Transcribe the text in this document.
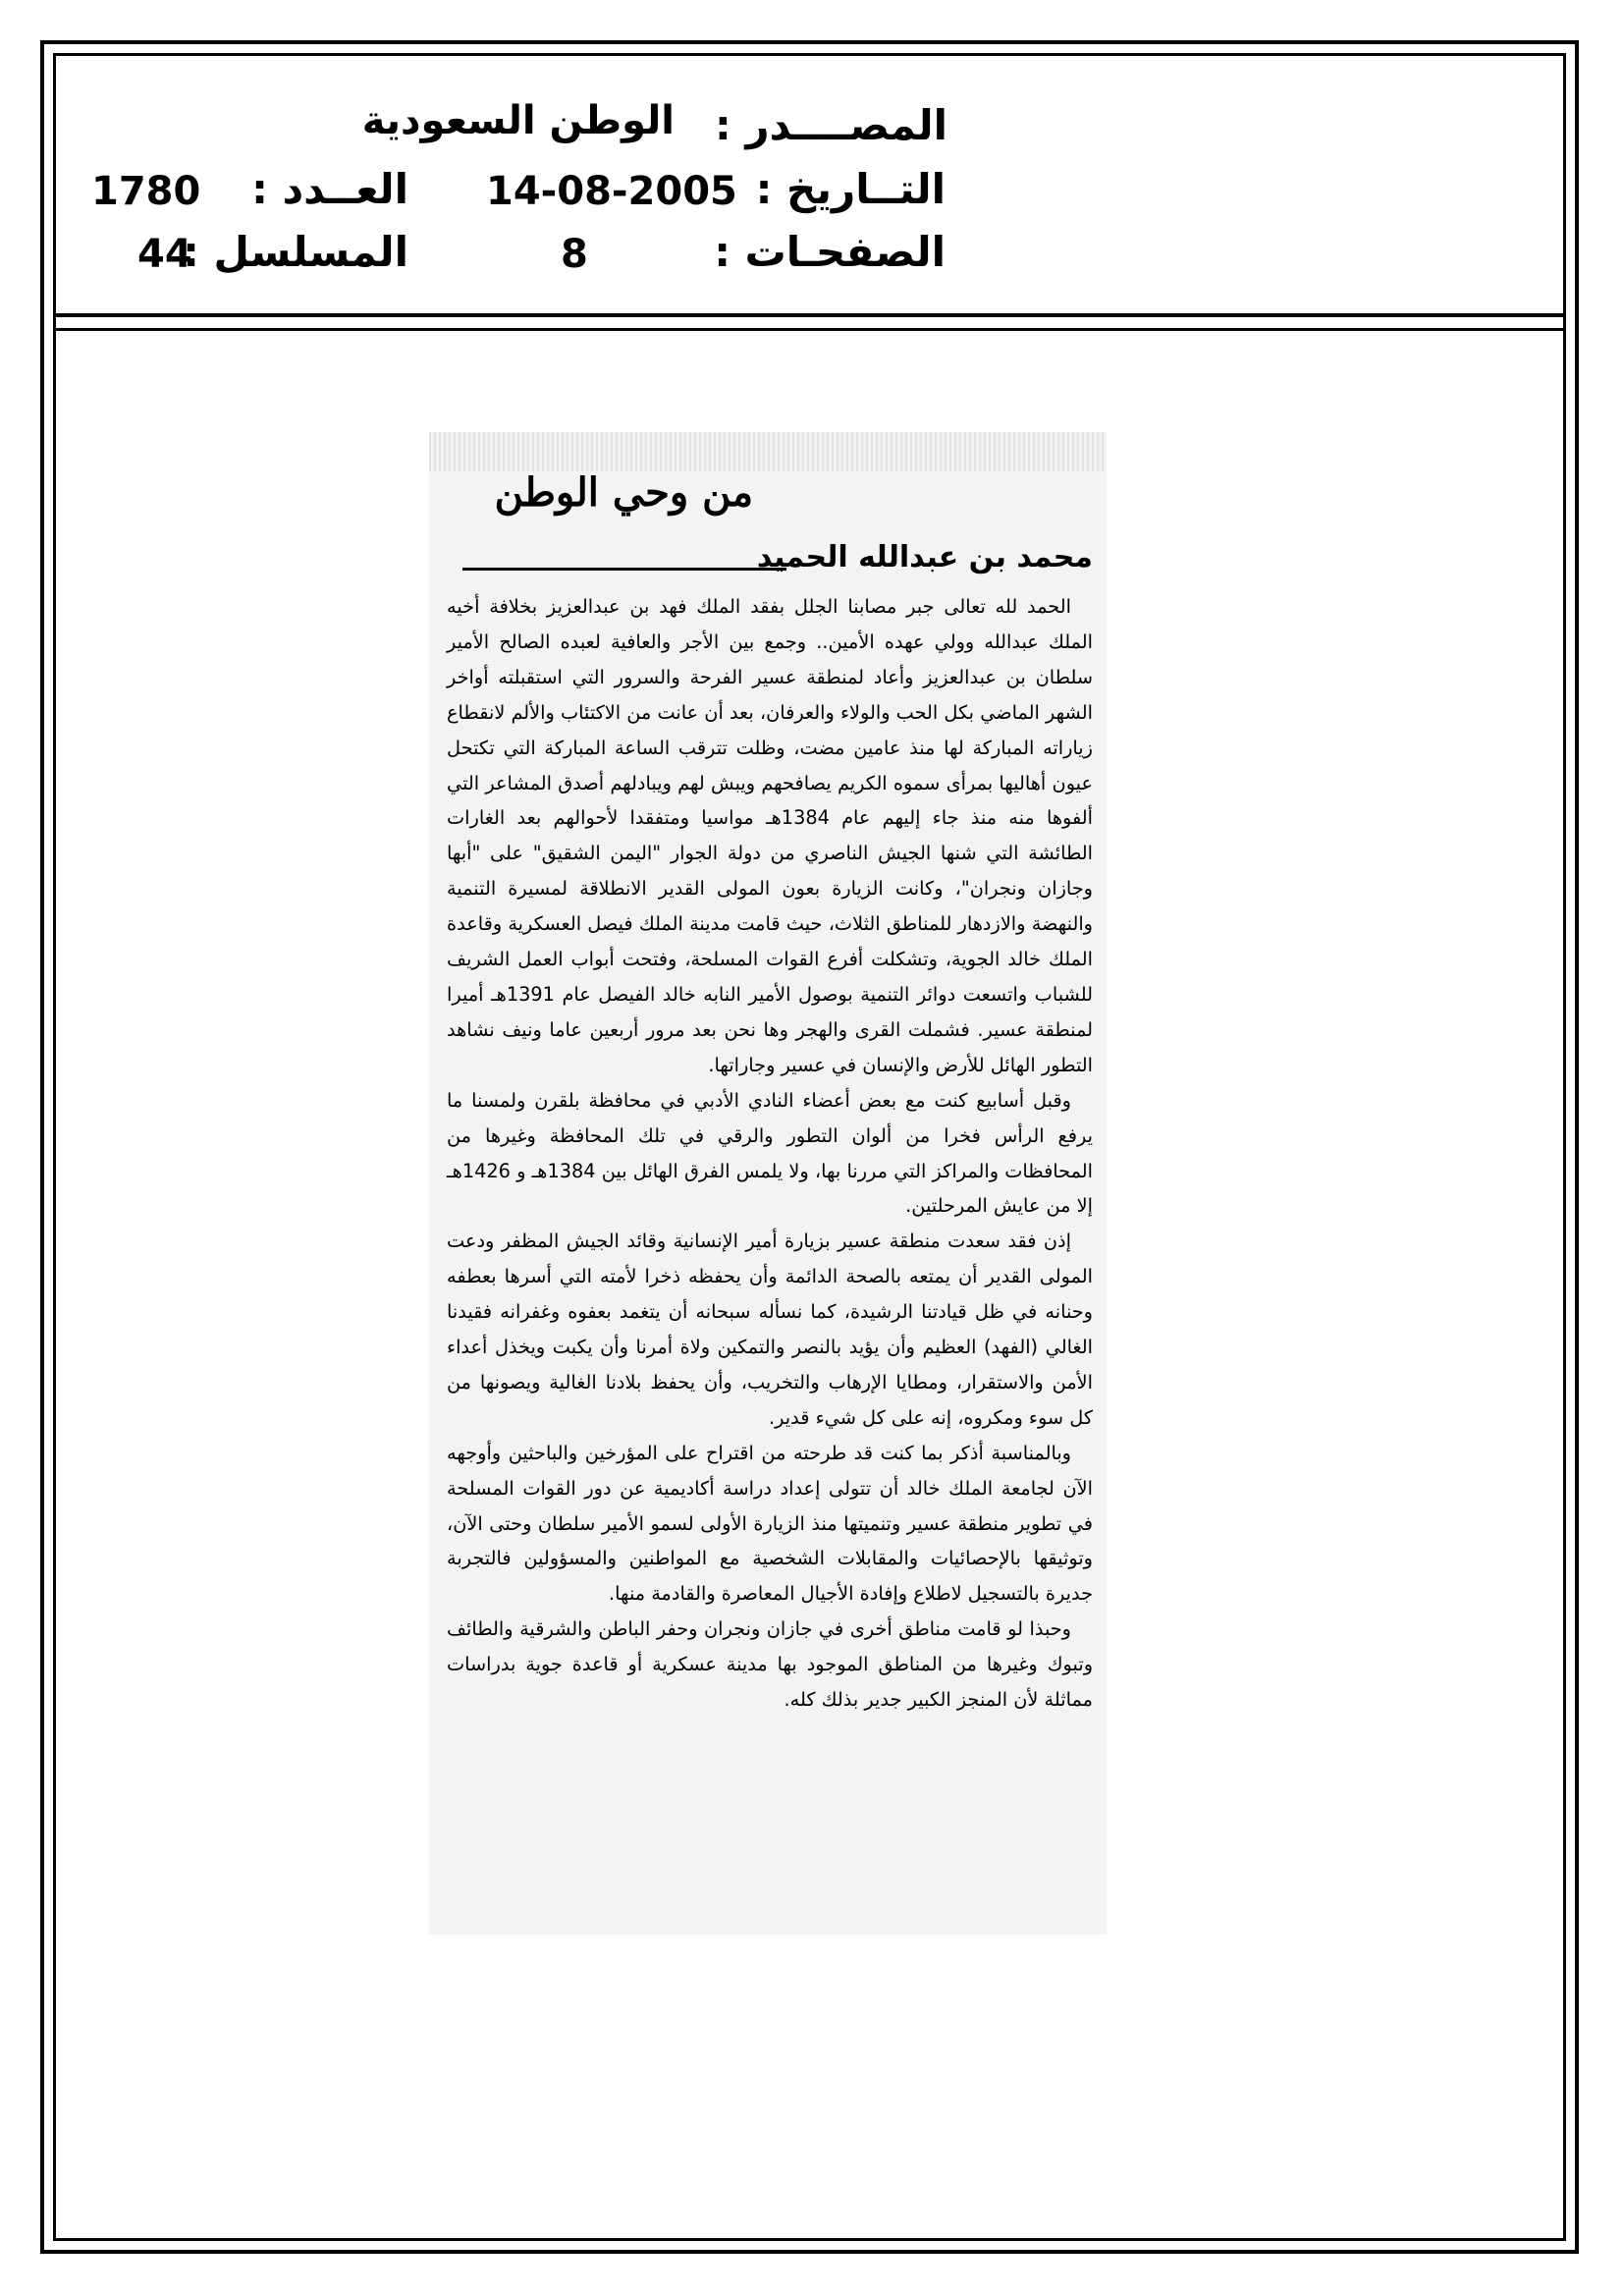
المصــــدر :
الوطن السعودية
التــاريخ :
14-08-2005
العــدد :
1780
الصفحـات :
8
المسلسل :
44
من وحي الوطن
محمد بن عبدالله الحميد

الحمد لله تعالى جبر مصابنا الجلل بفقد الملك فهد بن عبدالعزيز بخلافة أخيه الملك عبدالله وولي عهده الأمين.. وجمع بين الأجر والعافية لعبده الصالح الأمير سلطان بن عبدالعزيز وأعاد لمنطقة عسير الفرحة والسرور التي استقبلته أواخر الشهر الماضي بكل الحب والولاء والعرفان، بعد أن عانت من الاكتئاب والألم لانقطاع زياراته المباركة لها منذ عامين مضت، وظلت تترقب الساعة المباركة التي تكتحل عيون أهاليها بمرأى سموه الكريم يصافحهم ويبش لهم ويبادلهم أصدق المشاعر التي ألفوها منه منذ جاء إليهم عام 1384هـ مواسيا ومتفقدا لأحوالهم بعد الغارات الطائشة التي شنها الجيش الناصري من دولة الجوار "اليمن الشقيق" على "أبها وجازان ونجران"، وكانت الزيارة بعون المولى القدير الانطلاقة لمسيرة التنمية والنهضة والازدهار للمناطق الثلاث، حيث قامت مدينة الملك فيصل العسكرية وقاعدة الملك خالد الجوية، وتشكلت أفرع القوات المسلحة، وفتحت أبواب العمل الشريف للشباب واتسعت دوائر التنمية بوصول الأمير النابه خالد الفيصل عام 1391هـ أميرا لمنطقة عسير. فشملت القرى والهجر وها نحن بعد مرور أربعين عاما ونيف نشاهد التطور الهائل للأرض والإنسان في عسير وجاراتها.

وقبل أسابيع كنت مع بعض أعضاء النادي الأدبي في محافظة بلقرن ولمسنا ما يرفع الرأس فخرا من ألوان التطور والرقي في تلك المحافظة وغيرها من المحافظات والمراكز التي مررنا بها، ولا يلمس الفرق الهائل بين 1384هـ و 1426هـ إلا من عايش المرحلتين.

إذن فقد سعدت منطقة عسير بزيارة أمير الإنسانية وقائد الجيش المظفر ودعت المولى القدير أن يمتعه بالصحة الدائمة وأن يحفظه ذخرا لأمته التي أسرها بعطفه وحنانه في ظل قيادتنا الرشيدة، كما نسأله سبحانه أن يتغمد بعفوه وغفرانه فقيدنا الغالي (الفهد) العظيم وأن يؤيد بالنصر والتمكين ولاة أمرنا وأن يكبت ويخذل أعداء الأمن والاستقرار، ومطايا الإرهاب والتخريب، وأن يحفظ بلادنا الغالية ويصونها من كل سوء ومكروه، إنه على كل شيء قدير.

وبالمناسبة أذكر بما كنت قد طرحته من اقتراح على المؤرخين والباحثين وأوجهه الآن لجامعة الملك خالد أن تتولى إعداد دراسة أكاديمية عن دور القوات المسلحة في تطوير منطقة عسير وتنميتها منذ الزيارة الأولى لسمو الأمير سلطان وحتى الآن، وتوثيقها بالإحصائيات والمقابلات الشخصية مع المواطنين والمسؤولين فالتجربة جديرة بالتسجيل لاطلاع وإفادة الأجيال المعاصرة والقادمة منها.

وحبذا لو قامت مناطق أخرى في جازان ونجران وحفر الباطن والشرقية والطائف وتبوك وغيرها من المناطق الموجود بها مدينة عسكرية أو قاعدة جوية بدراسات مماثلة لأن المنجز الكبير جدير بذلك كله.
